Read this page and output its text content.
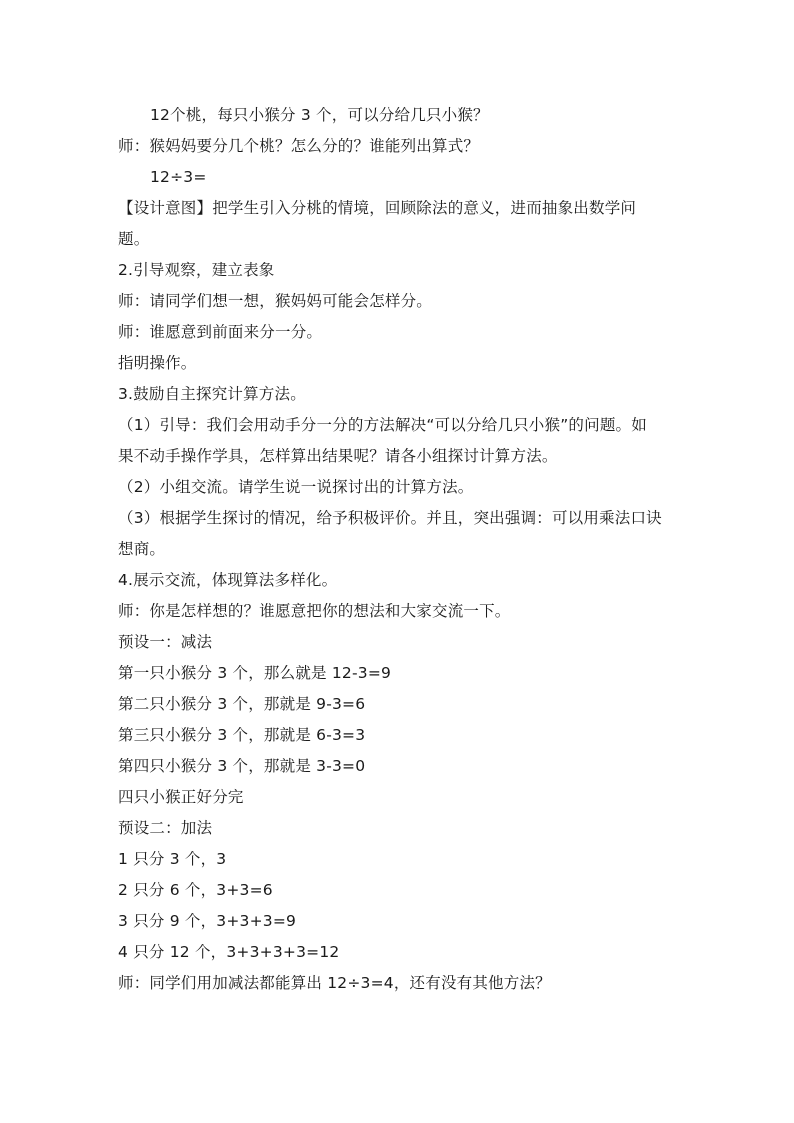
12个桃，每只小猴分 3 个，可以分给几只小猴？
师：猴妈妈要分几个桃？怎么分的？谁能列出算式？
12÷3=
【设计意图】把学生引入分桃的情境，回顾除法的意义，进而抽象出数学问
题。
2.引导观察，建立表象
师：请同学们想一想，猴妈妈可能会怎样分。
师：谁愿意到前面来分一分。
指明操作。
3.鼓励自主探究计算方法。
（1）引导：我们会用动手分一分的方法解决“可以分给几只小猴”的问题。如
果不动手操作学具，怎样算出结果呢？请各小组探讨计算方法。
（2）小组交流。请学生说一说探讨出的计算方法。
（3）根据学生探讨的情况，给予积极评价。并且，突出强调：可以用乘法口诀
想商。
4.展示交流，体现算法多样化。
师：你是怎样想的？谁愿意把你的想法和大家交流一下。
预设一：减法
第一只小猴分 3 个，那么就是 12-3=9
第二只小猴分 3 个，那就是 9-3=6
第三只小猴分 3 个，那就是 6-3=3
第四只小猴分 3 个，那就是 3-3=0
四只小猴正好分完
预设二：加法
1 只分 3 个，3
2 只分 6 个，3+3=6
3 只分 9 个，3+3+3=9
4 只分 12 个，3+3+3+3=12
师：同学们用加减法都能算出 12÷3=4，还有没有其他方法？
